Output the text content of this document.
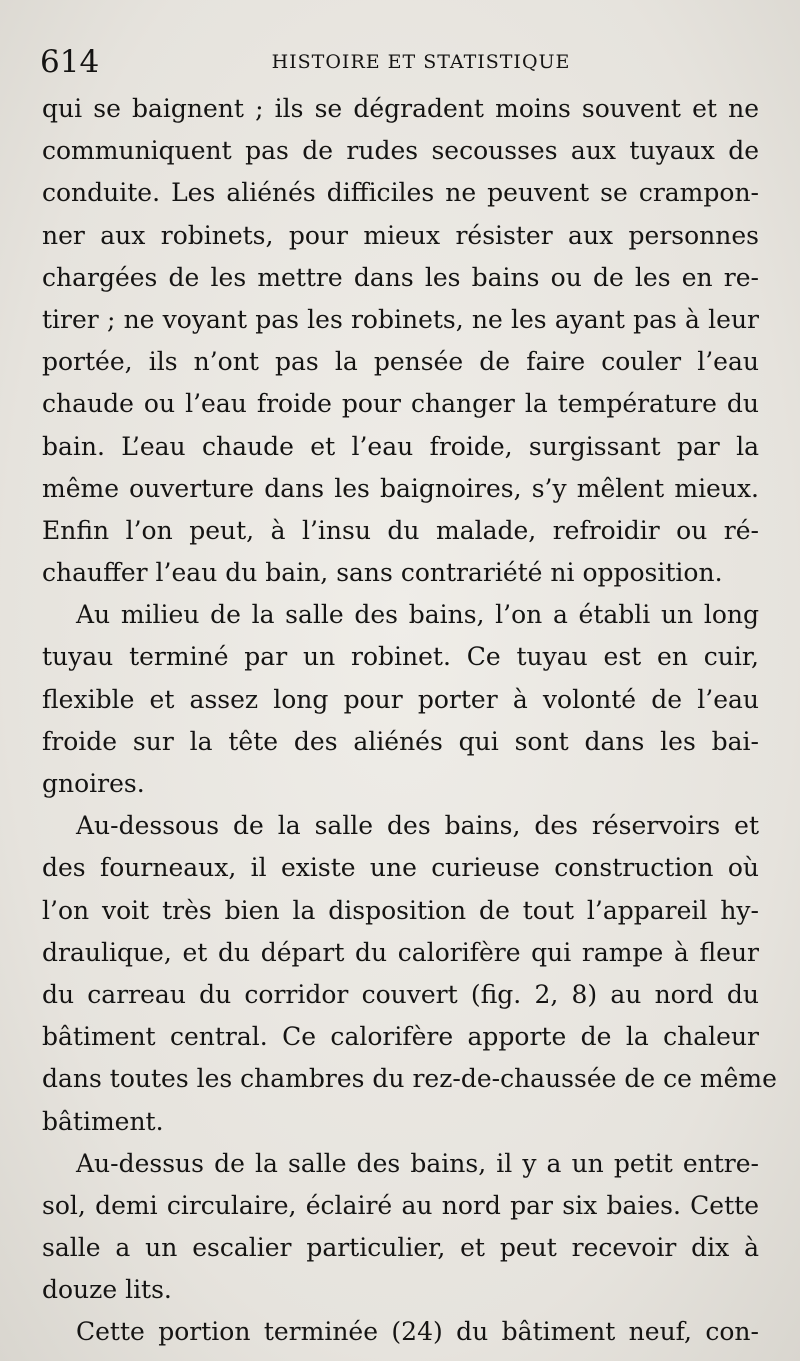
614	HISTOIRE ET STATISTIQUE
qui se baignent ; ils se dégradent moins souvent et ne
communiquent pas de rudes secousses aux tuyaux de
conduite. Les aliénés difficiles ne peuvent se crampon-
ner aux robinets, pour mieux résister aux personnes
chargées de les mettre dans les bains ou de les en re-
tirer ; ne voyant pas les robinets, ne les ayant pas à leur
portée, ils n’ont pas la pensée de faire couler l’eau
chaude ou l’eau froide pour changer la température du
bain. L’eau chaude et l’eau froide, surgissant par la
même ouverture dans les baignoires, s’y mêlent mieux.
Enfin l’on peut, à l’insu du malade, refroidir ou ré-
chauffer l’eau du bain, sans contrariété ni opposition.
Au milieu de la salle des bains, l’on a établi un long
tuyau terminé par un robinet. Ce tuyau est en cuir,
flexible et assez long pour porter à volonté de l’eau
froide sur la tête des aliénés qui sont dans les bai-
gnoires.
Au-dessous de la salle des bains, des réservoirs et
des fourneaux, il existe une curieuse construction où
l’on voit très bien la disposition de tout l’appareil hy-
draulique, et du départ du calorifère qui rampe à fleur
du carreau du corridor couvert (fig. 2, 8) au nord du
bâtiment central. Ce calorifère apporte de la chaleur
dans toutes les chambres du rez-de-chaussée de ce même
bâtiment.
Au-dessus de la salle des bains, il y a un petit entre-
sol, demi circulaire, éclairé au nord par six baies. Cette
salle a un escalier particulier, et peut recevoir dix à
douze lits.
Cette portion terminée (24) du bâtiment neuf, con-
